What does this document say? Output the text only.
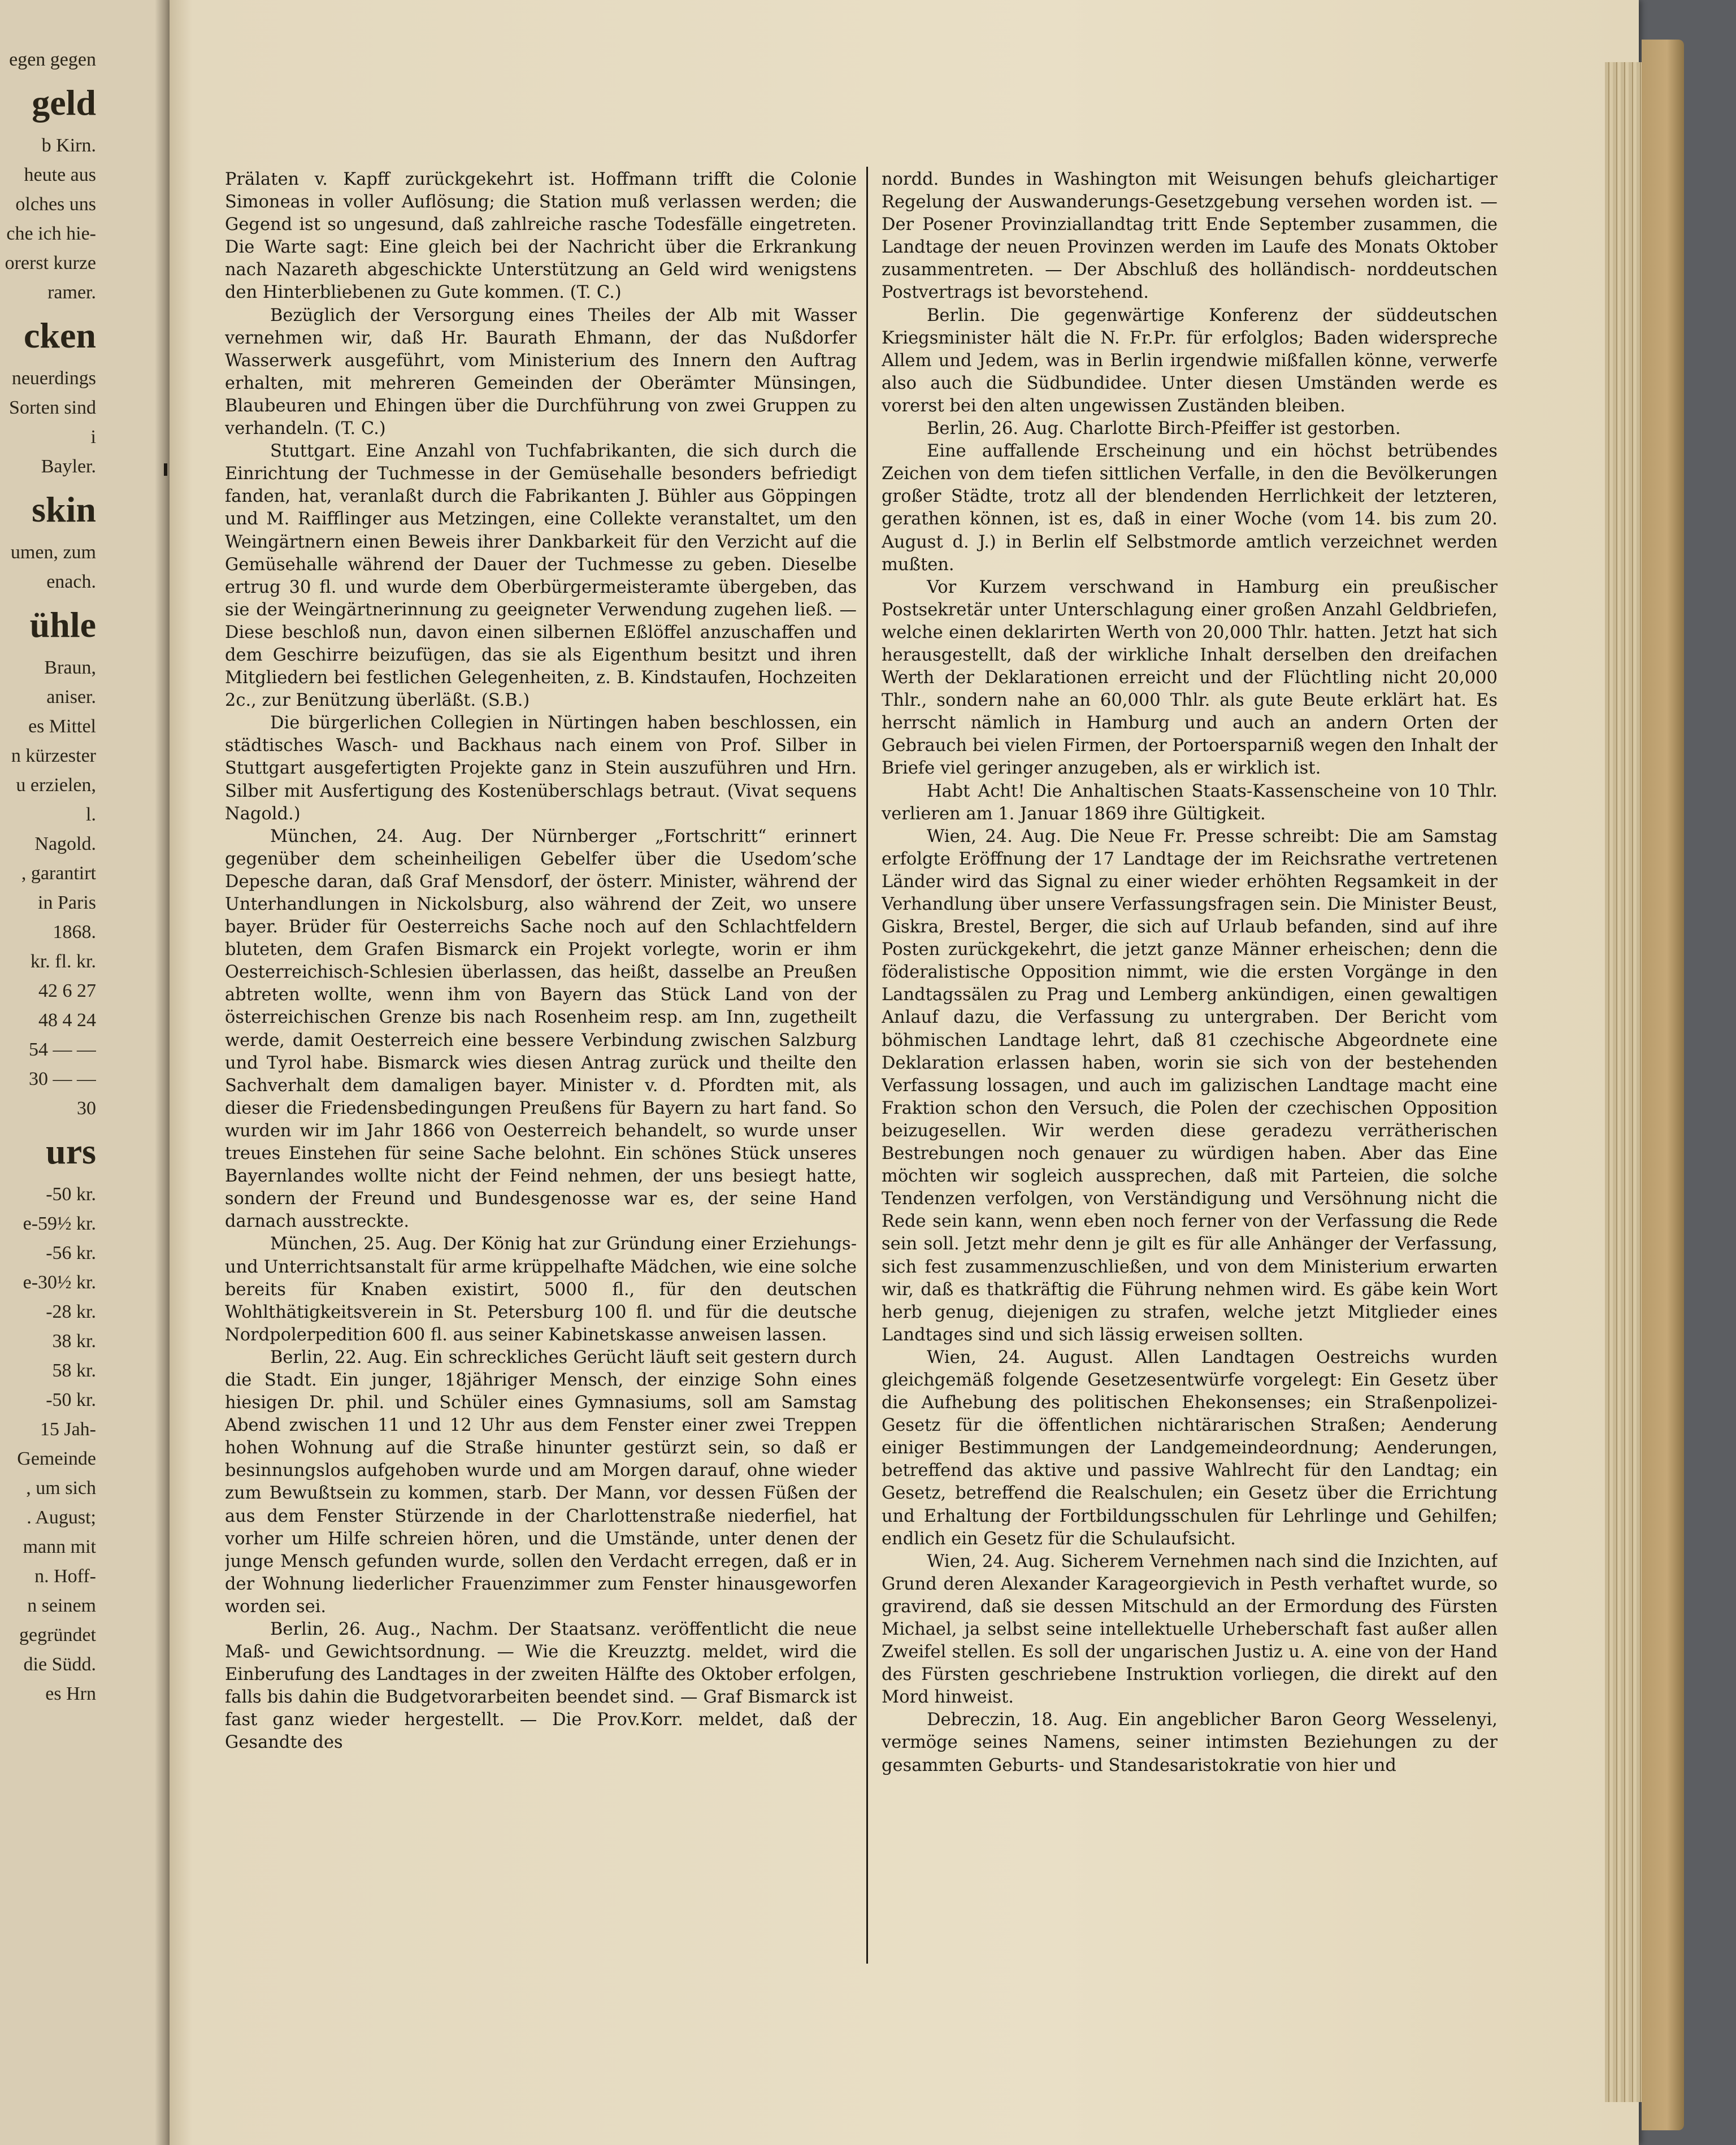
egen gegen
geld
b Kirn.
heute aus
olches uns
che ich hie-
orerst kurze
ramer.
cken
neuerdings
Sorten sind
i
Bayler.
skin
umen, zum
enach.
ühle
Braun,
aniser.
es Mittel
n kürzester
u erzielen,
l.
Nagold.
, garantirt
in Paris
1868.
kr. fl. kr.
42 6 27
48 4 24
54 — —
30 — —
30
urs
-50 kr.
e-59½ kr.
-56 kr.
e-30½ kr.
-28 kr.
38 kr.
58 kr.
-50 kr.
15 Jah-
Gemeinde
, um sich
. August;
mann mit
n. Hoff-
n seinem
gegründet
die Südd.
es Hrn

Prälaten v. Kapff zurückgekehrt ist. Hoffmann trifft die Colonie Simoneas in voller Auflösung; die Station muß verlassen werden; die Gegend ist so ungesund, daß zahlreiche rasche Todesfälle eingetreten. Die Warte sagt: Eine gleich bei der Nachricht über die Erkrankung nach Nazareth abgeschickte Unterstützung an Geld wird wenigstens den Hinterbliebenen zu Gute kommen. (T. C.)

Bezüglich der Versorgung eines Theiles der Alb mit Wasser vernehmen wir, daß Hr. Baurath Ehmann, der das Nußdorfer Wasserwerk ausgeführt, vom Ministerium des Innern den Auftrag erhalten, mit mehreren Gemeinden der Oberämter Münsingen, Blaubeuren und Ehingen über die Durchführung von zwei Gruppen zu verhandeln. (T. C.)

Stuttgart. Eine Anzahl von Tuchfabrikanten, die sich durch die Einrichtung der Tuchmesse in der Gemüsehalle besonders befriedigt fanden, hat, veranlaßt durch die Fabrikanten J. Bühler aus Göppingen und M. Raifflinger aus Metzingen, eine Collekte veranstaltet, um den Weingärtnern einen Beweis ihrer Dankbarkeit für den Verzicht auf die Gemüsehalle während der Dauer der Tuchmesse zu geben. Dieselbe ertrug 30 fl. und wurde dem Oberbürgermeisteramte übergeben, das sie der Weingärtnerinnung zu geeigneter Verwendung zugehen ließ. — Diese beschloß nun, davon einen silbernen Eßlöffel anzuschaffen und dem Geschirre beizufügen, das sie als Eigenthum besitzt und ihren Mitgliedern bei festlichen Gelegenheiten, z. B. Kindstaufen, Hochzeiten 2c., zur Benützung überläßt. (S.B.)

Die bürgerlichen Collegien in Nürtingen haben beschlossen, ein städtisches Wasch- und Backhaus nach einem von Prof. Silber in Stuttgart ausgefertigten Projekte ganz in Stein auszuführen und Hrn. Silber mit Ausfertigung des Kostenüberschlags betraut. (Vivat sequens Nagold.)

München, 24. Aug. Der Nürnberger „Fortschritt“ erinnert gegenüber dem scheinheiligen Gebelfer über die Usedom’sche Depesche daran, daß Graf Mensdorf, der österr. Minister, während der Unterhandlungen in Nickolsburg, also während der Zeit, wo unsere bayer. Brüder für Oesterreichs Sache noch auf den Schlachtfeldern bluteten, dem Grafen Bismarck ein Projekt vorlegte, worin er ihm Oesterreichisch-Schlesien überlassen, das heißt, dasselbe an Preußen abtreten wollte, wenn ihm von Bayern das Stück Land von der österreichischen Grenze bis nach Rosenheim resp. am Inn, zugetheilt werde, damit Oesterreich eine bessere Verbindung zwischen Salzburg und Tyrol habe. Bismarck wies diesen Antrag zurück und theilte den Sachverhalt dem damaligen bayer. Minister v. d. Pfordten mit, als dieser die Friedensbedingungen Preußens für Bayern zu hart fand. So wurden wir im Jahr 1866 von Oesterreich behandelt, so wurde unser treues Einstehen für seine Sache belohnt. Ein schönes Stück unseres Bayernlandes wollte nicht der Feind nehmen, der uns besiegt hatte, sondern der Freund und Bundesgenosse war es, der seine Hand darnach ausstreckte.

München, 25. Aug. Der König hat zur Gründung einer Erziehungs- und Unterrichtsanstalt für arme krüppelhafte Mädchen, wie eine solche bereits für Knaben existirt, 5000 fl., für den deutschen Wohlthätigkeitsverein in St. Petersburg 100 fl. und für die deutsche Nordpolerpedition 600 fl. aus seiner Kabinetskasse anweisen lassen.

Berlin, 22. Aug. Ein schreckliches Gerücht läuft seit gestern durch die Stadt. Ein junger, 18jähriger Mensch, der einzige Sohn eines hiesigen Dr. phil. und Schüler eines Gymnasiums, soll am Samstag Abend zwischen 11 und 12 Uhr aus dem Fenster einer zwei Treppen hohen Wohnung auf die Straße hinunter gestürzt sein, so daß er besinnungslos aufgehoben wurde und am Morgen darauf, ohne wieder zum Bewußtsein zu kommen, starb. Der Mann, vor dessen Füßen der aus dem Fenster Stürzende in der Charlottenstraße niederfiel, hat vorher um Hilfe schreien hören, und die Umstände, unter denen der junge Mensch gefunden wurde, sollen den Verdacht erregen, daß er in der Wohnung liederlicher Frauenzimmer zum Fenster hinausgeworfen worden sei.

Berlin, 26. Aug., Nachm. Der Staatsanz. veröffentlicht die neue Maß- und Gewichtsordnung. — Wie die Kreuzztg. meldet, wird die Einberufung des Landtages in der zweiten Hälfte des Oktober erfolgen, falls bis dahin die Budgetvorarbeiten beendet sind. — Graf Bismarck ist fast ganz wieder hergestellt. — Die Prov.Korr. meldet, daß der Gesandte des

nordd. Bundes in Washington mit Weisungen behufs gleichartiger Regelung der Auswanderungs-Gesetzgebung versehen worden ist. — Der Posener Provinziallandtag tritt Ende September zusammen, die Landtage der neuen Provinzen werden im Laufe des Monats Oktober zusammentreten. — Der Abschluß des holländisch- norddeutschen Postvertrags ist bevorstehend.

Berlin. Die gegenwärtige Konferenz der süddeutschen Kriegsminister hält die N. Fr.Pr. für erfolglos; Baden widerspreche Allem und Jedem, was in Berlin irgendwie mißfallen könne, verwerfe also auch die Südbundidee. Unter diesen Umständen werde es vorerst bei den alten ungewissen Zuständen bleiben.

Berlin, 26. Aug. Charlotte Birch-Pfeiffer ist gestorben.

Eine auffallende Erscheinung und ein höchst betrübendes Zeichen von dem tiefen sittlichen Verfalle, in den die Bevölkerungen großer Städte, trotz all der blendenden Herrlichkeit der letzteren, gerathen können, ist es, daß in einer Woche (vom 14. bis zum 20. August d. J.) in Berlin elf Selbstmorde amtlich verzeichnet werden mußten.

Vor Kurzem verschwand in Hamburg ein preußischer Postsekretär unter Unterschlagung einer großen Anzahl Geldbriefen, welche einen deklarirten Werth von 20,000 Thlr. hatten. Jetzt hat sich herausgestellt, daß der wirkliche Inhalt derselben den dreifachen Werth der Deklarationen erreicht und der Flüchtling nicht 20,000 Thlr., sondern nahe an 60,000 Thlr. als gute Beute erklärt hat. Es herrscht nämlich in Hamburg und auch an andern Orten der Gebrauch bei vielen Firmen, der Portoersparniß wegen den Inhalt der Briefe viel geringer anzugeben, als er wirklich ist.

Habt Acht! Die Anhaltischen Staats-Kassenscheine von 10 Thlr. verlieren am 1. Januar 1869 ihre Gültigkeit.

Wien, 24. Aug. Die Neue Fr. Presse schreibt: Die am Samstag erfolgte Eröffnung der 17 Landtage der im Reichsrathe vertretenen Länder wird das Signal zu einer wieder erhöhten Regsamkeit in der Verhandlung über unsere Verfassungsfragen sein. Die Minister Beust, Giskra, Brestel, Berger, die sich auf Urlaub befanden, sind auf ihre Posten zurückgekehrt, die jetzt ganze Männer erheischen; denn die föderalistische Opposition nimmt, wie die ersten Vorgänge in den Landtagssälen zu Prag und Lemberg ankündigen, einen gewaltigen Anlauf dazu, die Verfassung zu untergraben. Der Bericht vom böhmischen Landtage lehrt, daß 81 czechische Abgeordnete eine Deklaration erlassen haben, worin sie sich von der bestehenden Verfassung lossagen, und auch im galizischen Landtage macht eine Fraktion schon den Versuch, die Polen der czechischen Opposition beizugesellen. Wir werden diese geradezu verrätherischen Bestrebungen noch genauer zu würdigen haben. Aber das Eine möchten wir sogleich aussprechen, daß mit Parteien, die solche Tendenzen verfolgen, von Verständigung und Versöhnung nicht die Rede sein kann, wenn eben noch ferner von der Verfassung die Rede sein soll. Jetzt mehr denn je gilt es für alle Anhänger der Verfassung, sich fest zusammenzuschließen, und von dem Ministerium erwarten wir, daß es thatkräftig die Führung nehmen wird. Es gäbe kein Wort herb genug, diejenigen zu strafen, welche jetzt Mitglieder eines Landtages sind und sich lässig erweisen sollten.

Wien, 24. August. Allen Landtagen Oestreichs wurden gleichgemäß folgende Gesetzesentwürfe vorgelegt: Ein Gesetz über die Aufhebung des politischen Ehekonsenses; ein Straßenpolizei-Gesetz für die öffentlichen nichtärarischen Straßen; Aenderung einiger Bestimmungen der Landgemeindeordnung; Aenderungen, betreffend das aktive und passive Wahlrecht für den Landtag; ein Gesetz, betreffend die Realschulen; ein Gesetz über die Errichtung und Erhaltung der Fortbildungsschulen für Lehrlinge und Gehilfen; endlich ein Gesetz für die Schulaufsicht.

Wien, 24. Aug. Sicherem Vernehmen nach sind die Inzichten, auf Grund deren Alexander Karageorgievich in Pesth verhaftet wurde, so gravirend, daß sie dessen Mitschuld an der Ermordung des Fürsten Michael, ja selbst seine intellektuelle Urheberschaft fast außer allen Zweifel stellen. Es soll der ungarischen Justiz u. A. eine von der Hand des Fürsten geschriebene Instruktion vorliegen, die direkt auf den Mord hinweist.

Debreczin, 18. Aug. Ein angeblicher Baron Georg Wesselenyi, vermöge seines Namens, seiner intimsten Beziehungen zu der gesammten Geburts- und Standesaristokratie von hier und
